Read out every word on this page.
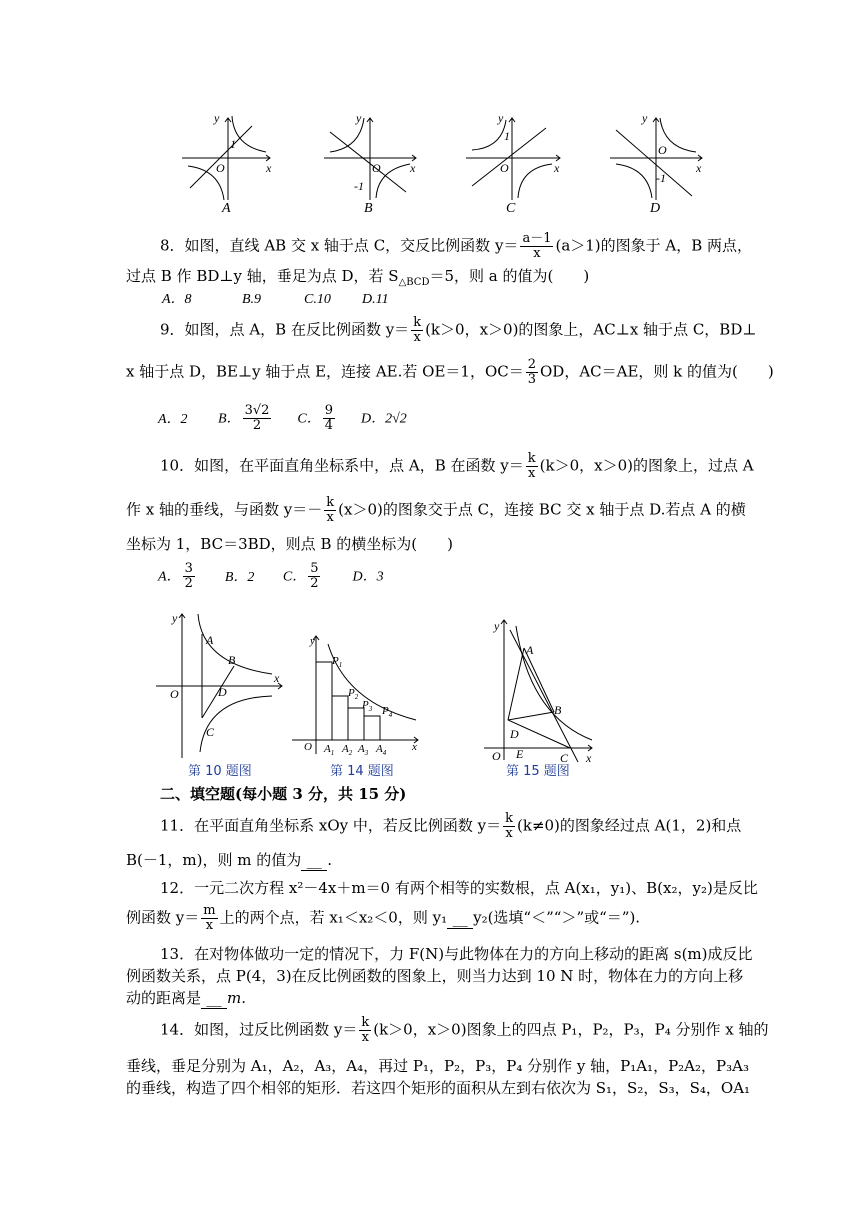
y
x
O
1
y
x
O
-1
y
x
O
1
y
x
O
-1
A	B	C	D
8．如图，直线 AB 交 x 轴于点 C，交反比例函数 $y= \frac{a-1}{x} (a>1)$的图象于 A，B 两点，
过点 B 作 BD⊥y 轴，垂足为点 D，若 $S_{\triangle BCD}=5$，则 a 的值为(　　)
A．8	B.9	C.10 D.11
9．如图，点 A，B 在反比例函数 $y= \frac{k}{x} (k>0$，x＞0)的图象上，AC⊥x 轴于点 C，BD⊥
x 轴于点 D，BE⊥y 轴于点 E，连接 AE.若 OE＝1，$OC= \frac{2}{3}$ OD，AC＝AE，则 k 的值为(　　)
A．2 B． $\frac{3√2}{2}$ C． $\frac{9}{4}$ D．2√2
10．如图，在平面直角坐标系中，点 A，B 在函数 $y= \frac{k}{x} (k>0$，x＞0)的图象上，过点 A
作 x 轴的垂线，与函数 $y=- \frac{k}{x} (x>0)$的图象交于点 C，连接 BC 交 x 轴于点 D.若点 A 的横
坐标为 1，BC＝3BD，则点 B 的横坐标为(　　)
A． $\frac{3}{2}$ B．2 C． $\frac{5}{2}$ D．3
y
x
O
A
B
D
C
第 10 题图
y
x
O
$P_1$
$P_2$
$P_3$ $P_4$
$A_1$ $A_2$ $A_3$ $A_4$
第 14 题图
y
x
O
A
B
D
C
E
第 15 题图
二、填空题(每小题 3 分，共 15 分)
11．在平面直角坐标系 xOy 中，若反比例函数 $y= \frac{k}{x} (k\ne 0)$的图象经过点 A(1，2)和点
B(－1，m)，则 m 的值为 __ .
12．一元二次方程 x²－4x＋m＝0 有两个相等的实数根，点 A(x₁，y₁)、B(x₂，y₂)是反比
例函数 $y= \frac{m}{x}$ 上的两个点，若 x₁＜x₂＜0，则 y₁ __ y₂(选填“＜”“＞”或“＝”).
13．在对物体做功一定的情况下，力 F(N)与此物体在力的方向上移动的距离 s(m)成反比
例函数关系，点 P(4，3)在反比例函数的图象上，则当力达到 10 N 时，物体在力的方向上移
动的距离是 __ m.
14．如图，过反比例函数 $y= \frac{k}{x} (k>0$，x＞0)图象上的四点 P₁，P₂，P₃，P₄ 分别作 x 轴的
垂线，垂足分别为 A₁，A₂，A₃，A₄，再过 P₁，P₂，P₃，P₄ 分别作 y 轴，P₁A₁，P₂A₂，P₃A₃
的垂线，构造了四个相邻的矩形．若这四个矩形的面积从左到右依次为 S₁，S₂，S₃，S₄，OA₁
